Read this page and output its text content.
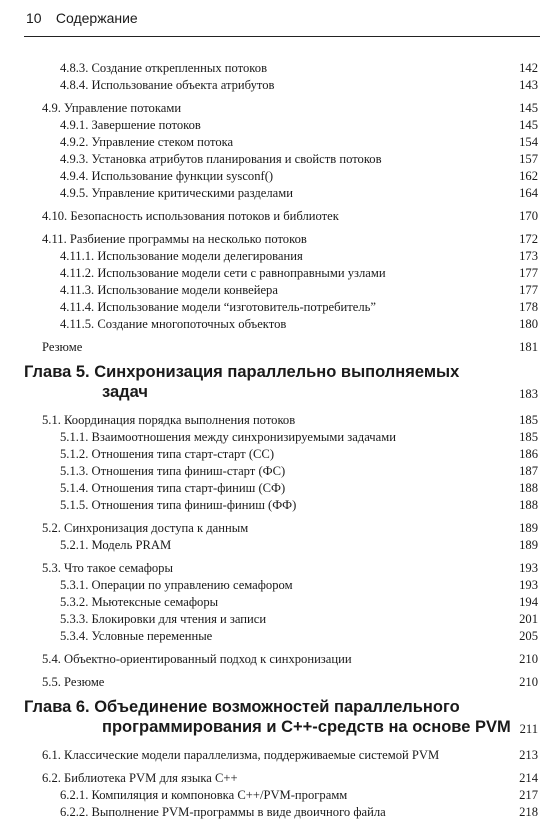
10 Содержание
4.8.3. Создание открепленных потоков	142
4.8.4. Использование объекта атрибутов	143
4.9. Управление потоками	145
4.9.1. Завершение потоков	145
4.9.2. Управление стеком потока	154
4.9.3. Установка атрибутов планирования и свойств потоков	157
4.9.4. Использование функции sysconf()	162
4.9.5. Управление критическими разделами	164
4.10. Безопасность использования потоков и библиотек	170
4.11. Разбиение программы на несколько потоков	172
4.11.1. Использование модели делегирования	173
4.11.2. Использование модели сети с равноправными узлами	177
4.11.3. Использование модели конвейера	177
4.11.4. Использование модели “изготовитель-потребитель”	178
4.11.5. Создание многопоточных объектов	180
Резюме	181
Глава 5. Синхронизация параллельно выполняемых
задач	183
5.1. Координация порядка выполнения потоков	185
5.1.1. Взаимоотношения между синхронизируемыми задачами	185
5.1.2. Отношения типа старт-старт (СС)	186
5.1.3. Отношения типа финиш-старт (ФС)	187
5.1.4. Отношения типа старт-финиш (СФ)	188
5.1.5. Отношения типа финиш-финиш (ФФ)	188
5.2. Синхронизация доступа к данным	189
5.2.1. Модель PRAM	189
5.3. Что такое семафоры	193
5.3.1. Операции по управлению семафором	193
5.3.2. Мьютексные семафоры	194
5.3.3. Блокировки для чтения и записи	201
5.3.4. Условные переменные	205
5.4. Объектно-ориентированный подход к синхронизации	210
5.5. Резюме	210
Глава 6. Объединение возможностей параллельного
программирования и С++-средств на основе PVM 211
6.1. Классические модели параллелизма, поддерживаемые системой PVM	213
6.2. Библиотека PVM для языка С++	214
6.2.1. Компиляция и компоновка С++/PVM-программ	217
6.2.2. Выполнение PVM-программы в виде двоичного файла	218
